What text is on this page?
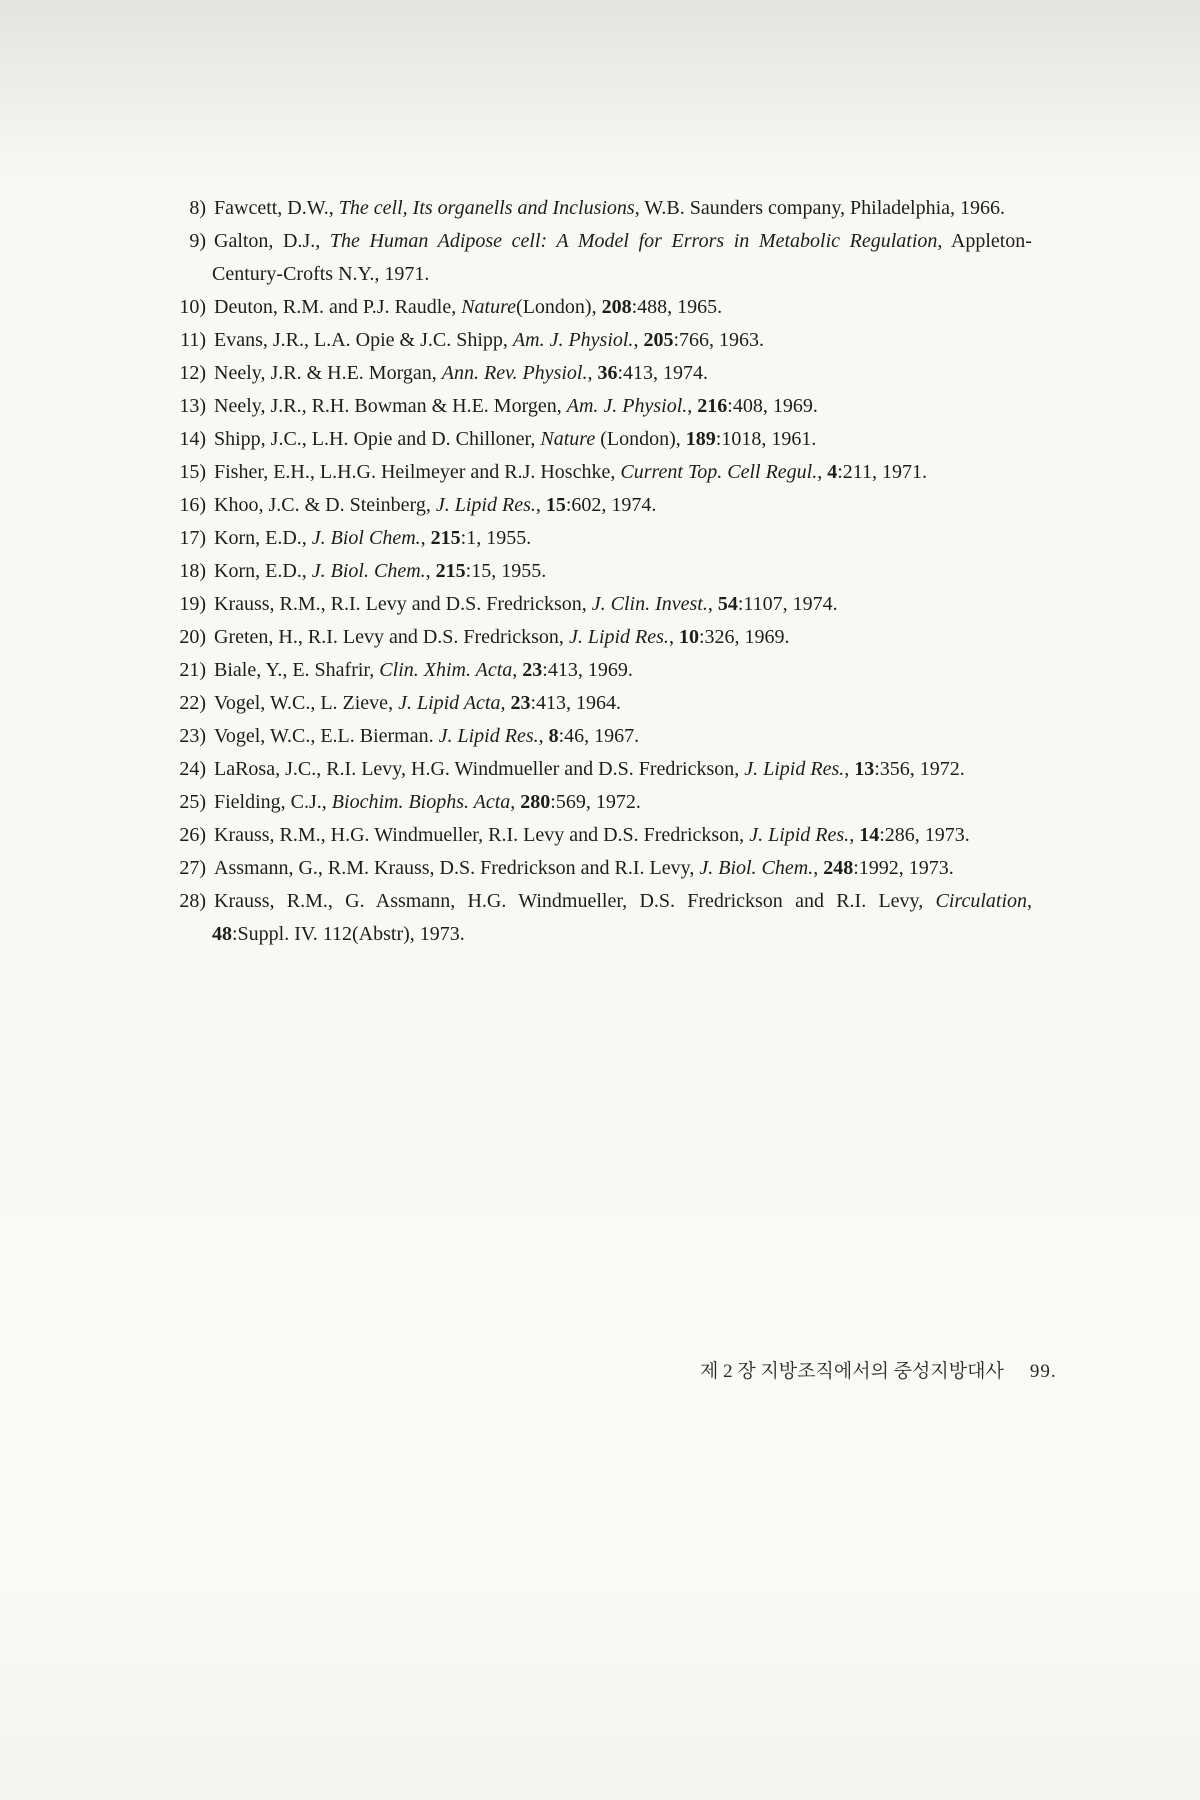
8) Fawcett, D.W., The cell, Its organells and Inclusions, W.B. Saunders company, Philadelphia, 1966.

9) Galton, D.J., The Human Adipose cell: A Model for Errors in Metabolic Regulation, Appleton-Century-Crofts N.Y., 1971.

10) Deuton, R.M. and P.J. Raudle, Nature(London), 208:488, 1965.

11) Evans, J.R., L.A. Opie & J.C. Shipp, Am. J. Physiol., 205:766, 1963.

12) Neely, J.R. & H.E. Morgan, Ann. Rev. Physiol., 36:413, 1974.

13) Neely, J.R., R.H. Bowman & H.E. Morgen, Am. J. Physiol., 216:408, 1969.

14) Shipp, J.C., L.H. Opie and D. Chilloner, Nature (London), 189:1018, 1961.

15) Fisher, E.H., L.H.G. Heilmeyer and R.J. Hoschke, Current Top. Cell Regul., 4:211, 1971.

16) Khoo, J.C. & D. Steinberg, J. Lipid Res., 15:602, 1974.

17) Korn, E.D., J. Biol Chem., 215:1, 1955.

18) Korn, E.D., J. Biol. Chem., 215:15, 1955.

19) Krauss, R.M., R.I. Levy and D.S. Fredrickson, J. Clin. Invest., 54:1107, 1974.

20) Greten, H., R.I. Levy and D.S. Fredrickson, J. Lipid Res., 10:326, 1969.

21) Biale, Y., E. Shafrir, Clin. Xhim. Acta, 23:413, 1969.

22) Vogel, W.C., L. Zieve, J. Lipid Acta, 23:413, 1964.

23) Vogel, W.C., E.L. Bierman. J. Lipid Res., 8:46, 1967.

24) LaRosa, J.C., R.I. Levy, H.G. Windmueller and D.S. Fredrickson, J. Lipid Res., 13:356, 1972.

25) Fielding, C.J., Biochim. Biophs. Acta, 280:569, 1972.

26) Krauss, R.M., H.G. Windmueller, R.I. Levy and D.S. Fredrickson, J. Lipid Res., 14:286, 1973.

27) Assmann, G., R.M. Krauss, D.S. Fredrickson and R.I. Levy, J. Biol. Chem., 248:1992, 1973.

28) Krauss, R.M., G. Assmann, H.G. Windmueller, D.S. Fredrickson and R.I. Levy, Circulation, 48:Suppl. IV. 112(Abstr), 1973.

제 2 장 지방조직에서의 중성지방대사 99.
